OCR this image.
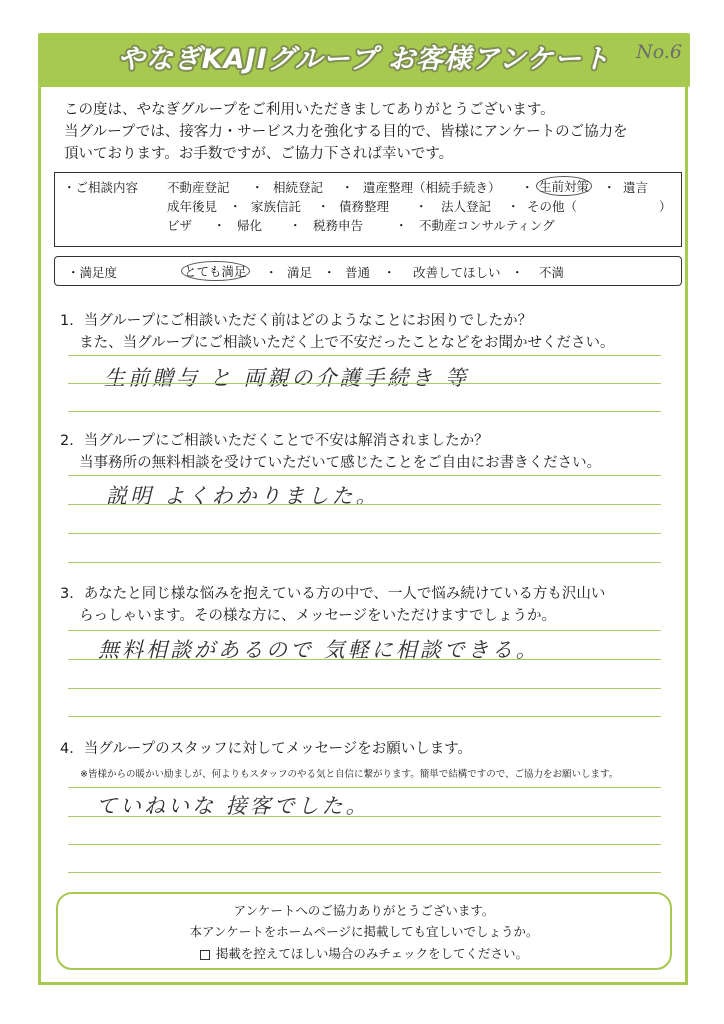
やなぎKAJIグループ お客様アンケート	No.6
この度は、やなぎグループをご利用いただきましてありがとうございます。
当グループでは、接客力・サービス力を強化する目的で、皆様にアンケートのご協力を
頂いております。お手数ですが、ご協力下されば幸いです。
・ご相談内容 不動産登記 ・ 相続登記 ・ 遺産整理（相続手続き） ・ 生前対策 ・ 遺言
成年後見 ・ 家族信託 ・ 債務整理 ・ 法人登記 ・ その他（	）
ビザ ・ 帰化 ・ 税務申告	・ 不動産コンサルティング
・満足度	とても満足 ・ 満足 ・ 普通 ・ 改善してほしい ・ 不満
1．当グループにご相談いただく前はどのようなことにお困りでしたか？
　 また、当グループにご相談いただく上で不安だったことなどをお聞かせください。
生前贈与 と 両親の介護手続き 等
2．当グループにご相談いただくことで不安は解消されましたか？
　 当事務所の無料相談を受けていただいて感じたことをご自由にお書きください。
説明 よくわかりました。
3．あなたと同じ様な悩みを抱えている方の中で、一人で悩み続けている方も沢山い
　 らっしゃいます。その様な方に、メッセージをいただけますでしょうか。
無料相談があるので 気軽に相談できる。
4．当グループのスタッフに対してメッセージをお願いします。
※皆様からの暖かい励ましが、何よりもスタッフのやる気と自信に繋がります。簡単で結構ですので、ご協力をお願いします。
ていねいな 接客でした。
アンケートへのご協力ありがとうございます。
本アンケートをホームページに掲載しても宜しいでしょうか。
掲載を控えてほしい場合のみチェックをしてください。
